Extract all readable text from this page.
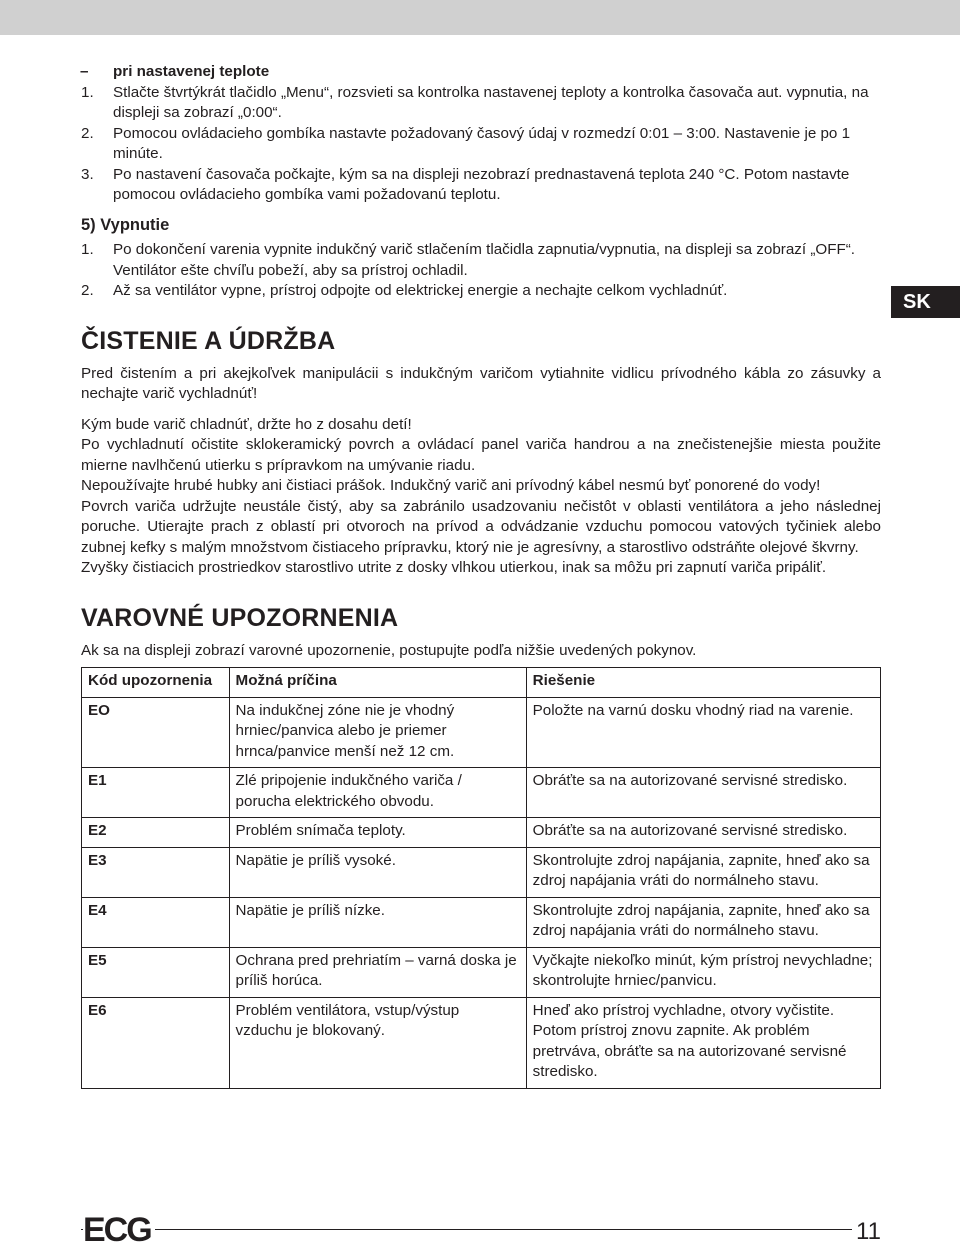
– pri nastavenej teplote
1. Stlačte štvrtýkrát tlačidlo „Menu“, rozsvieti sa kontrolka nastavenej teploty a kontrolka časovača aut. vypnutia, na displeji sa zobrazí „0:00“.
2. Pomocou ovládacieho gombíka nastavte požadovaný časový údaj v rozmedzí 0:01 – 3:00. Nastavenie je po 1 minúte.
3. Po nastavení časovača počkajte, kým sa na displeji nezobrazí prednastavená teplota 240 °C. Potom nastavte pomocou ovládacieho gombíka vami požadovanú teplotu.
5) Vypnutie
1. Po dokončení varenia vypnite indukčný varič stlačením tlačidla zapnutia/vypnutia, na displeji sa zobrazí „OFF“. Ventilátor ešte chvíľu pobeží, aby sa prístroj ochladil.
2. Až sa ventilátor vypne, prístroj odpojte od elektrickej energie a nechajte celkom vychladnúť.
ČISTENIE A ÚDRŽBA

Pred čistením a pri akejkoľvek manipulácii s indukčným varičom vytiahnite vidlicu prívodného kábla zo zásuvky a nechajte varič vychladnúť!

Kým bude varič chladnúť, držte ho z dosahu detí!

Po vychladnutí očistite sklokeramický povrch a ovládací panel variča handrou a na znečistenejšie miesta použite mierne navlhčenú utierku s prípravkom na umývanie riadu.

Nepoužívajte hrubé hubky ani čistiaci prášok. Indukčný varič ani prívodný kábel nesmú byť ponorené do vody!

Povrch variča udržujte neustále čistý, aby sa zabránilo usadzovaniu nečistôt v oblasti ventilátora a jeho následnej poruche. Utierajte prach z oblastí pri otvoroch na prívod a odvádzanie vzduchu pomocou vatových tyčiniek alebo zubnej kefky s malým množstvom čistiaceho prípravku, ktorý nie je agresívny, a starostlivo odstráňte olejové škvrny.

Zvyšky čistiacich prostriedkov starostlivo utrite z dosky vlhkou utierkou, inak sa môžu pri zapnutí variča pripáliť.

VAROVNÉ UPOZORNENIA

Ak sa na displeji zobrazí varovné upozornenie, postupujte podľa nižšie uvedených pokynov.

Kód upozornenia	Možná príčina	Riešenie
EO	Na indukčnej zóne nie je vhodný hrniec/panvica alebo je priemer hrnca/panvice menší než 12 cm.	Položte na varnú dosku vhodný riad na varenie.
E1	Zlé pripojenie indukčného variča / porucha elektrického obvodu.	Obráťte sa na autorizované servisné stredisko.
E2	Problém snímača teploty.	Obráťte sa na autorizované servisné stredisko.
E3	Napätie je príliš vysoké.	Skontrolujte zdroj napájania, zapnite, hneď ako sa zdroj napájania vráti do normálneho stavu.
E4	Napätie je príliš nízke.	Skontrolujte zdroj napájania, zapnite, hneď ako sa zdroj napájania vráti do normálneho stavu.
E5	Ochrana pred prehriatím – varná doska je príliš horúca.	Vyčkajte niekoľko minút, kým prístroj nevychladne; skontrolujte hrniec/panvicu.
E6	Problém ventilátora, vstup/výstup vzduchu je blokovaný.	Hneď ako prístroj vychladne, otvory vyčistite. Potom prístroj znovu zapnite. Ak problém pretrváva, obráťte sa na autorizované servisné stredisko.
SK
ECG	11
